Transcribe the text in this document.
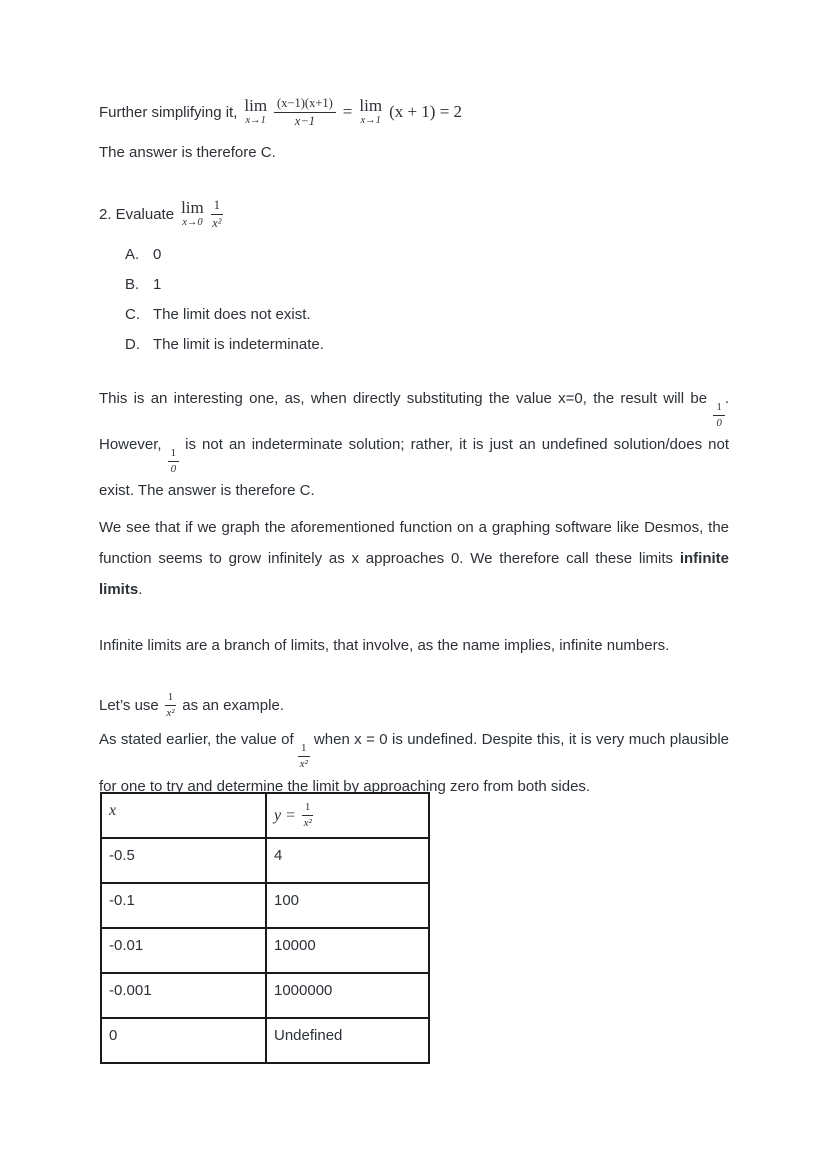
Further simplifying it, lim
$x\to 1 \frac{(x-1)(x+1)}{x-1} = \lim$
x→1 (x + 1) = 2
The answer is therefore C.
2. Evaluate lim
$x\to 0 \frac{1}{\text{x²}}$
A. 0
B. 1
C. The limit does not exist.
D. The limit is indeterminate.
This is an interesting one, as, when directly substituting the value x=0, the result will be
$\frac{1}{0}$
. However,
$\frac{1}{0}$
is not an indeterminate solution; rather, it is just an undefined solution/does not exist. The answer is therefore C.
We see that if we graph the aforementioned function on a graphing software like Desmos, the function seems to grow infinitely as x approaches 0. We therefore call these limits infinite limits.
Infinite limits are a branch of limits, that involve, as the name implies, infinite numbers.
Let’s use $\frac{1}{\text{x²}}$ as an example.
As stated earlier, the value of
$\frac{1}{\text{x²}}$
when x = 0 is undefined. Despite this, it is very much plausible for one to try and determine the limit by approaching zero from both sides.
x	$y = \frac{1}{\text{x²}}$

-0.5	4
-0.1	100
-0.01	10000
-0.001	1000000
0	Undefined
